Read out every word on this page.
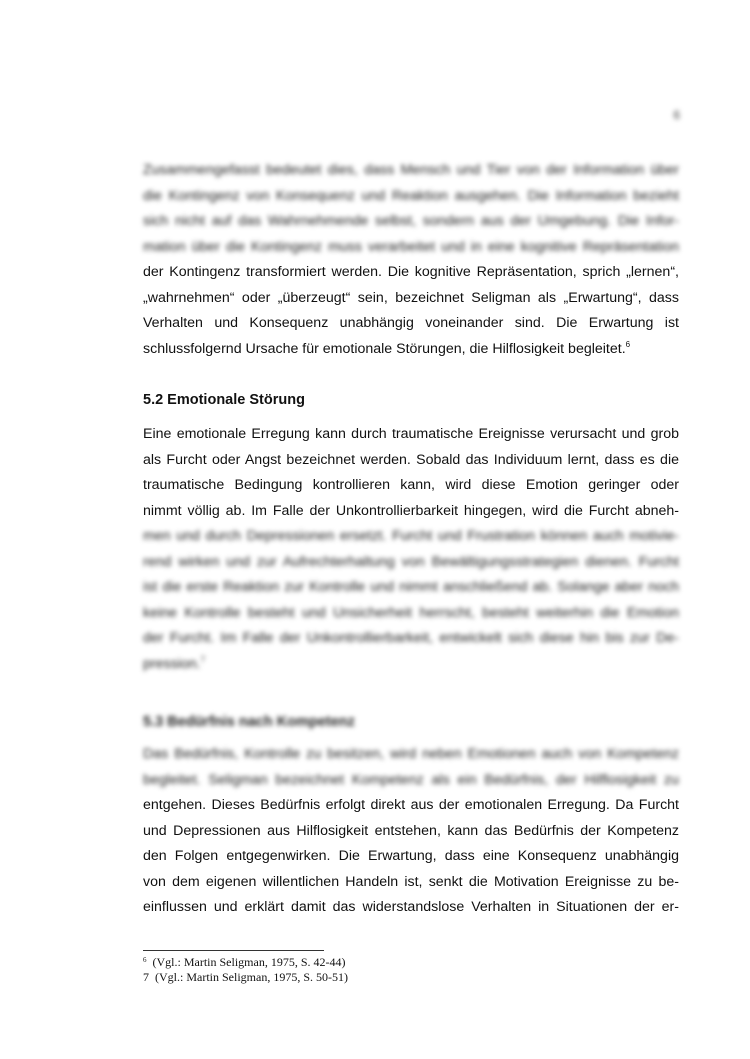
6
Zusammengefasst bedeutet dies, dass Mensch und Tier von der Information über
die Kontingenz von Konsequenz und Reaktion ausgehen. Die Information bezieht
sich nicht auf das Wahrnehmende selbst, sondern aus der Umgebung. Die Infor-
mation über die Kontingenz muss verarbeitet und in eine kognitive Repräsentation
der Kontingenz transformiert werden. Die kognitive Repräsentation, sprich „lernen“,
„wahrnehmen“ oder „überzeugt“ sein, bezeichnet Seligman als „Erwartung“, dass
Verhalten und Konsequenz unabhängig voneinander sind. Die Erwartung ist
schlussfolgernd Ursache für emotionale Störungen, die Hilflosigkeit begleitet.$^6$
5.2 Emotionale Störung
Eine emotionale Erregung kann durch traumatische Ereignisse verursacht und grob
als Furcht oder Angst bezeichnet werden. Sobald das Individuum lernt, dass es die
traumatische Bedingung kontrollieren kann, wird diese Emotion geringer oder
nimmt völlig ab. Im Falle der Unkontrollierbarkeit hingegen, wird die Furcht abneh-
men und durch Depressionen ersetzt. Furcht und Frustration können auch motivie-
rend wirken und zur Aufrechterhaltung von Bewältigungsstrategien dienen. Furcht
ist die erste Reaktion zur Kontrolle und nimmt anschließend ab. Solange aber noch
keine Kontrolle besteht und Unsicherheit herrscht, besteht weiterhin die Emotion
der Furcht. Im Falle der Unkontrollierbarkeit, entwickelt sich diese hin bis zur De-
pression.$^7$
5.3 Bedürfnis nach Kompetenz
Das Bedürfnis, Kontrolle zu besitzen, wird neben Emotionen auch von Kompetenz
begleitet. Seligman bezeichnet Kompetenz als ein Bedürfnis, der Hilflosigkeit zu
entgehen. Dieses Bedürfnis erfolgt direkt aus der emotionalen Erregung. Da Furcht
und Depressionen aus Hilflosigkeit entstehen, kann das Bedürfnis der Kompetenz
den Folgen entgegenwirken. Die Erwartung, dass eine Konsequenz unabhängig
von dem eigenen willentlichen Handeln ist, senkt die Motivation Ereignisse zu be-
einflussen und erklärt damit das widerstandslose Verhalten in Situationen der er-
$^6$ (Vgl.: Martin Seligman, 1975, S. 42-44)
7 (Vgl.: Martin Seligman, 1975, S. 50-51)
